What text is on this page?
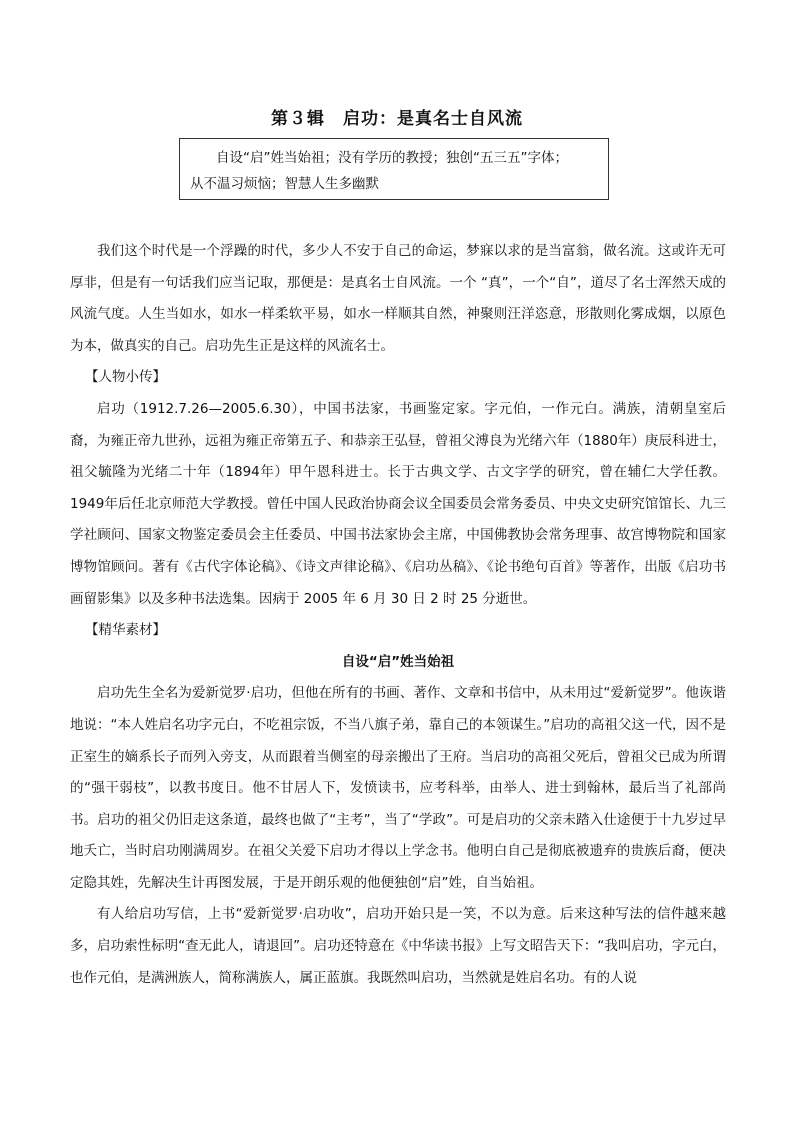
第３辑　启功：是真名士自风流
自设“启”姓当始祖；没有学历的教授；独创“五三五”字体；
从不温习烦恼；智慧人生多幽默

我们这个时代是一个浮躁的时代，多少人不安于自己的命运，梦寐以求的是当富翁，做名流。这或许无可厚非，但是有一句话我们应当记取，那便是：是真名士自风流。一个 “真”，一个“自”，道尽了名士浑然天成的风流气度。人生当如水，如水一样柔软平易，如水一样顺其自然，神聚则汪洋恣意，形散则化雾成烟，以原色为本，做真实的自己。启功先生正是这样的风流名士。

【人物小传】

启功（1912.7.26—2005.6.30），中国书法家，书画鉴定家。字元伯，一作元白。满族，清朝皇室后裔，为雍正帝九世孙，远祖为雍正帝第五子、和恭亲王弘昼，曾祖父溥良为光绪六年（1880年）庚辰科进士，祖父毓隆为光绪二十年（1894年）甲午恩科进士。长于古典文学、古文字学的研究，曾在辅仁大学任教。1949年后任北京师范大学教授。曾任中国人民政治协商会议全国委员会常务委员、中央文史研究馆馆长、九三学社顾问、国家文物鉴定委员会主任委员、中国书法家协会主席，中国佛教协会常务理事、故宫博物院和国家博物馆顾问。著有《古代字体论稿》、《诗文声律论稿》、《启功丛稿》、《论书绝句百首》等著作，出版《启功书画留影集》以及多种书法选集。因病于 2005 年 6 月 30 日 2 时 25 分逝世。

【精华素材】

自设“启”姓当始祖

启功先生全名为爱新觉罗·启功，但他在所有的书画、著作、文章和书信中，从未用过“爱新觉罗”。他诙谐地说：“本人姓启名功字元白，不吃祖宗饭，不当八旗子弟，靠自己的本领谋生。”启功的高祖父这一代，因不是正室生的嫡系长子而列入旁支，从而跟着当侧室的母亲搬出了王府。当启功的高祖父死后，曾祖父已成为所谓的“强干弱枝”，以教书度日。他不甘居人下，发愤读书，应考科举，由举人、进士到翰林，最后当了礼部尚书。启功的祖父仍旧走这条道，最终也做了“主考”，当了“学政”。可是启功的父亲未踏入仕途便于十九岁过早地夭亡，当时启功刚满周岁。在祖父关爱下启功才得以上学念书。他明白自己是彻底被遗弃的贵族后裔，便决定隐其姓，先解决生计再图发展，于是开朗乐观的他便独创“启”姓，自当始祖。

有人给启功写信，上书“爱新觉罗·启功收”，启功开始只是一笑，不以为意。后来这种写法的信件越来越多，启功索性标明“查无此人，请退回”。启功还特意在《中华读书报》上写文昭告天下：“我叫启功，字元白，也作元伯，是满洲族人，简称满族人，属正蓝旗。我既然叫启功，当然就是姓启名功。有的人说
